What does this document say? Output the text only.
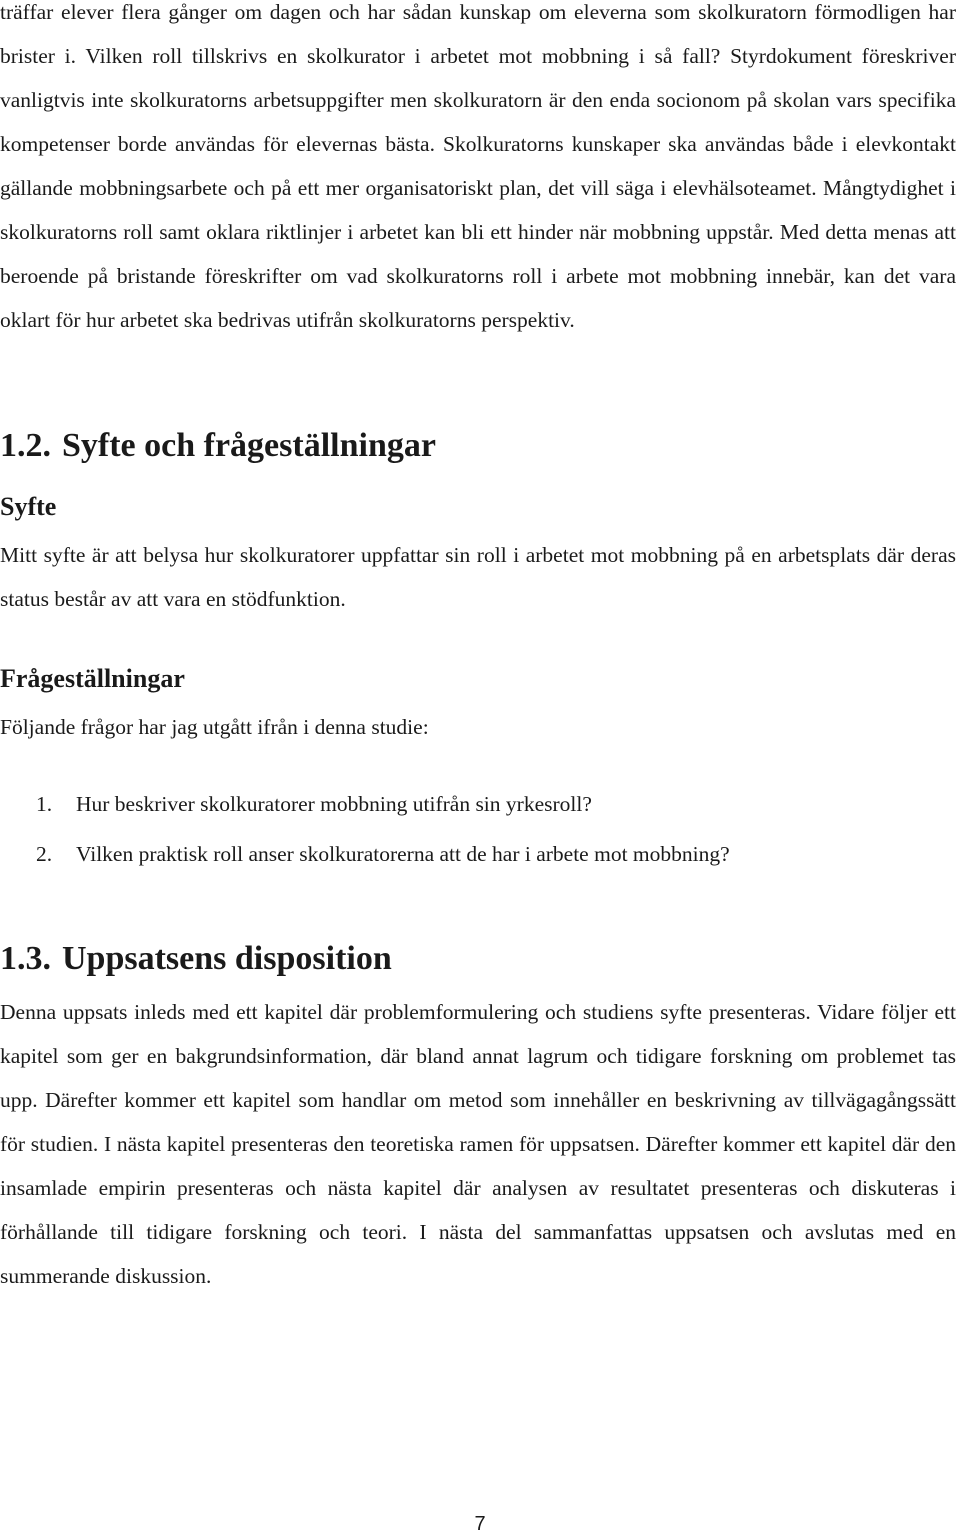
träffar elever flera gånger om dagen och har sådan kunskap om eleverna som skolkuratorn förmodligen har brister i. Vilken roll tillskrivs en skolkurator i arbetet mot mobbning i så fall? Styrdokument föreskriver vanligtvis inte skolkuratorns arbetsuppgifter men skolkuratorn är den enda socionom på skolan vars specifika kompetenser borde användas för elevernas bästa. Skolkuratorns kunskaper ska användas både i elevkontakt gällande mobbningsarbete och på ett mer organisatoriskt plan, det vill säga i elevhälsoteamet. Mångtydighet i skolkuratorns roll samt oklara riktlinjer i arbetet kan bli ett hinder när mobbning uppstår. Med detta menas att beroende på bristande föreskrifter om vad skolkuratorns roll i arbete mot mobbning innebär, kan det vara oklart för hur arbetet ska bedrivas utifrån skolkuratorns perspektiv.

1.2. Syfte och frågeställningar
Syfte

Mitt syfte är att belysa hur skolkuratorer uppfattar sin roll i arbetet mot mobbning på en arbetsplats där deras status består av att vara en stödfunktion.

Frågeställningar

Följande frågor har jag utgått ifrån i denna studie:

1. Hur beskriver skolkuratorer mobbning utifrån sin yrkesroll?
2. Vilken praktisk roll anser skolkuratorerna att de har i arbete mot mobbning?
1.3. Uppsatsens disposition

Denna uppsats inleds med ett kapitel där problemformulering och studiens syfte presenteras. Vidare följer ett kapitel som ger en bakgrundsinformation, där bland annat lagrum och tidigare forskning om problemet tas upp. Därefter kommer ett kapitel som handlar om metod som innehåller en beskrivning av tillvägagångssätt för studien. I nästa kapitel presenteras den teoretiska ramen för uppsatsen. Därefter kommer ett kapitel där den insamlade empirin presenteras och nästa kapitel där analysen av resultatet presenteras och diskuteras i förhållande till tidigare forskning och teori. I nästa del sammanfattas uppsatsen och avslutas med en summerande diskussion.

7
